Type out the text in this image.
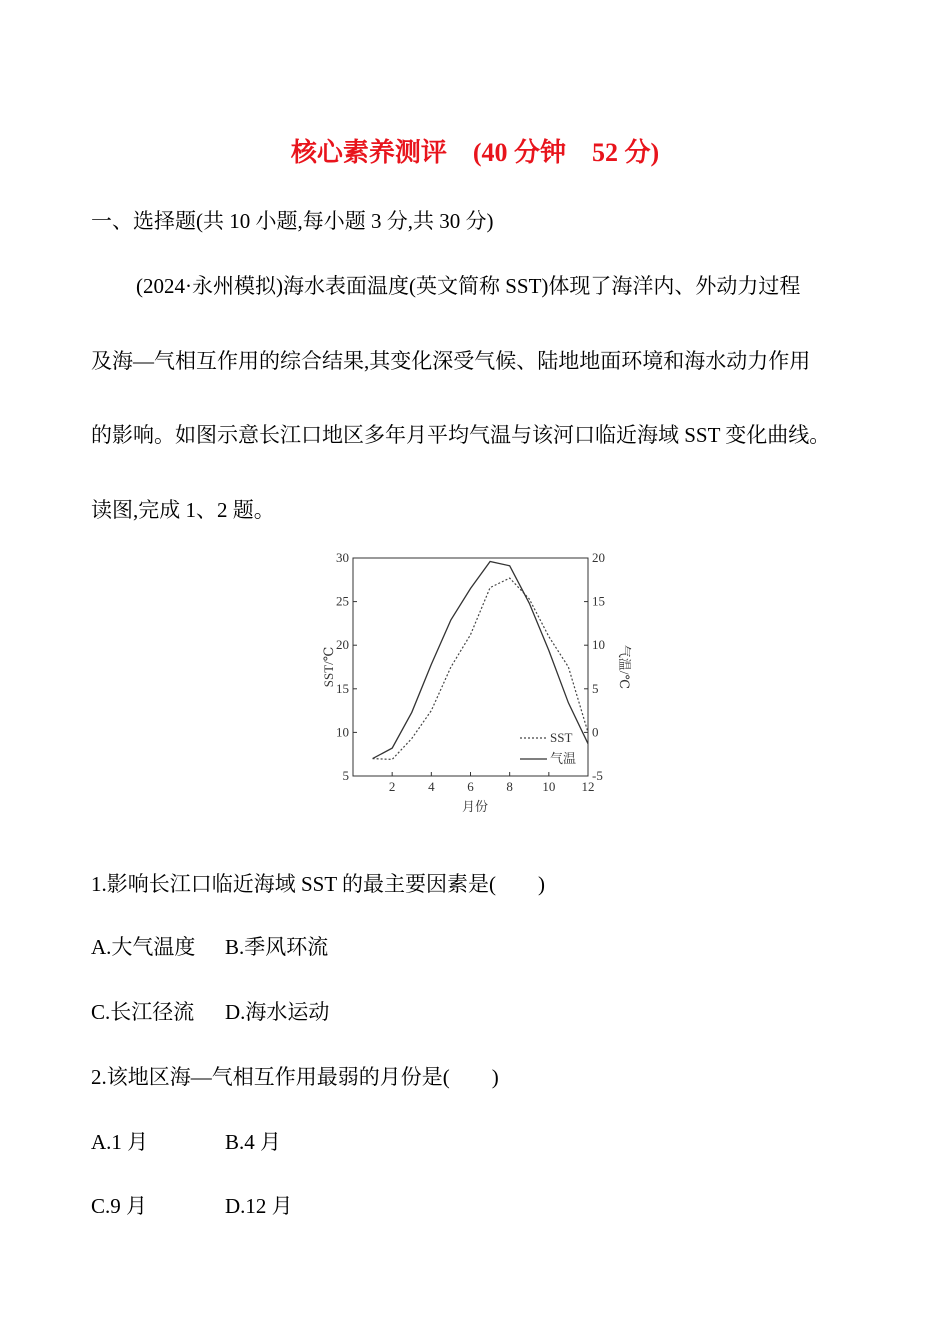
核心素养测评　(40 分钟　52 分)
一、选择题(共 10 小题,每小题 3 分,共 30 分)
(2024·永州模拟)海水表面温度(英文简称 SST)体现了海洋内、外动力过程
及海—气相互作用的综合结果,其变化深受气候、陆地地面环境和海水动力作用
的影响。如图示意长江口地区多年月平均气温与该河口临近海域 SST 变化曲线。
读图,完成 1、2 题。
2	4	6	8 10 12
30
25
20
15
10
5
20
15
10
5
0
-5
SST
气温
月份
SST/℃	气温/℃
1.影响长江口临近海域 SST 的最主要因素是(　　)
A.大气温度 B.季风环流
C.长江径流 D.海水运动
2.该地区海—气相互作用最弱的月份是(　　)
A.1 月	B.4 月
C.9 月	D.12 月
